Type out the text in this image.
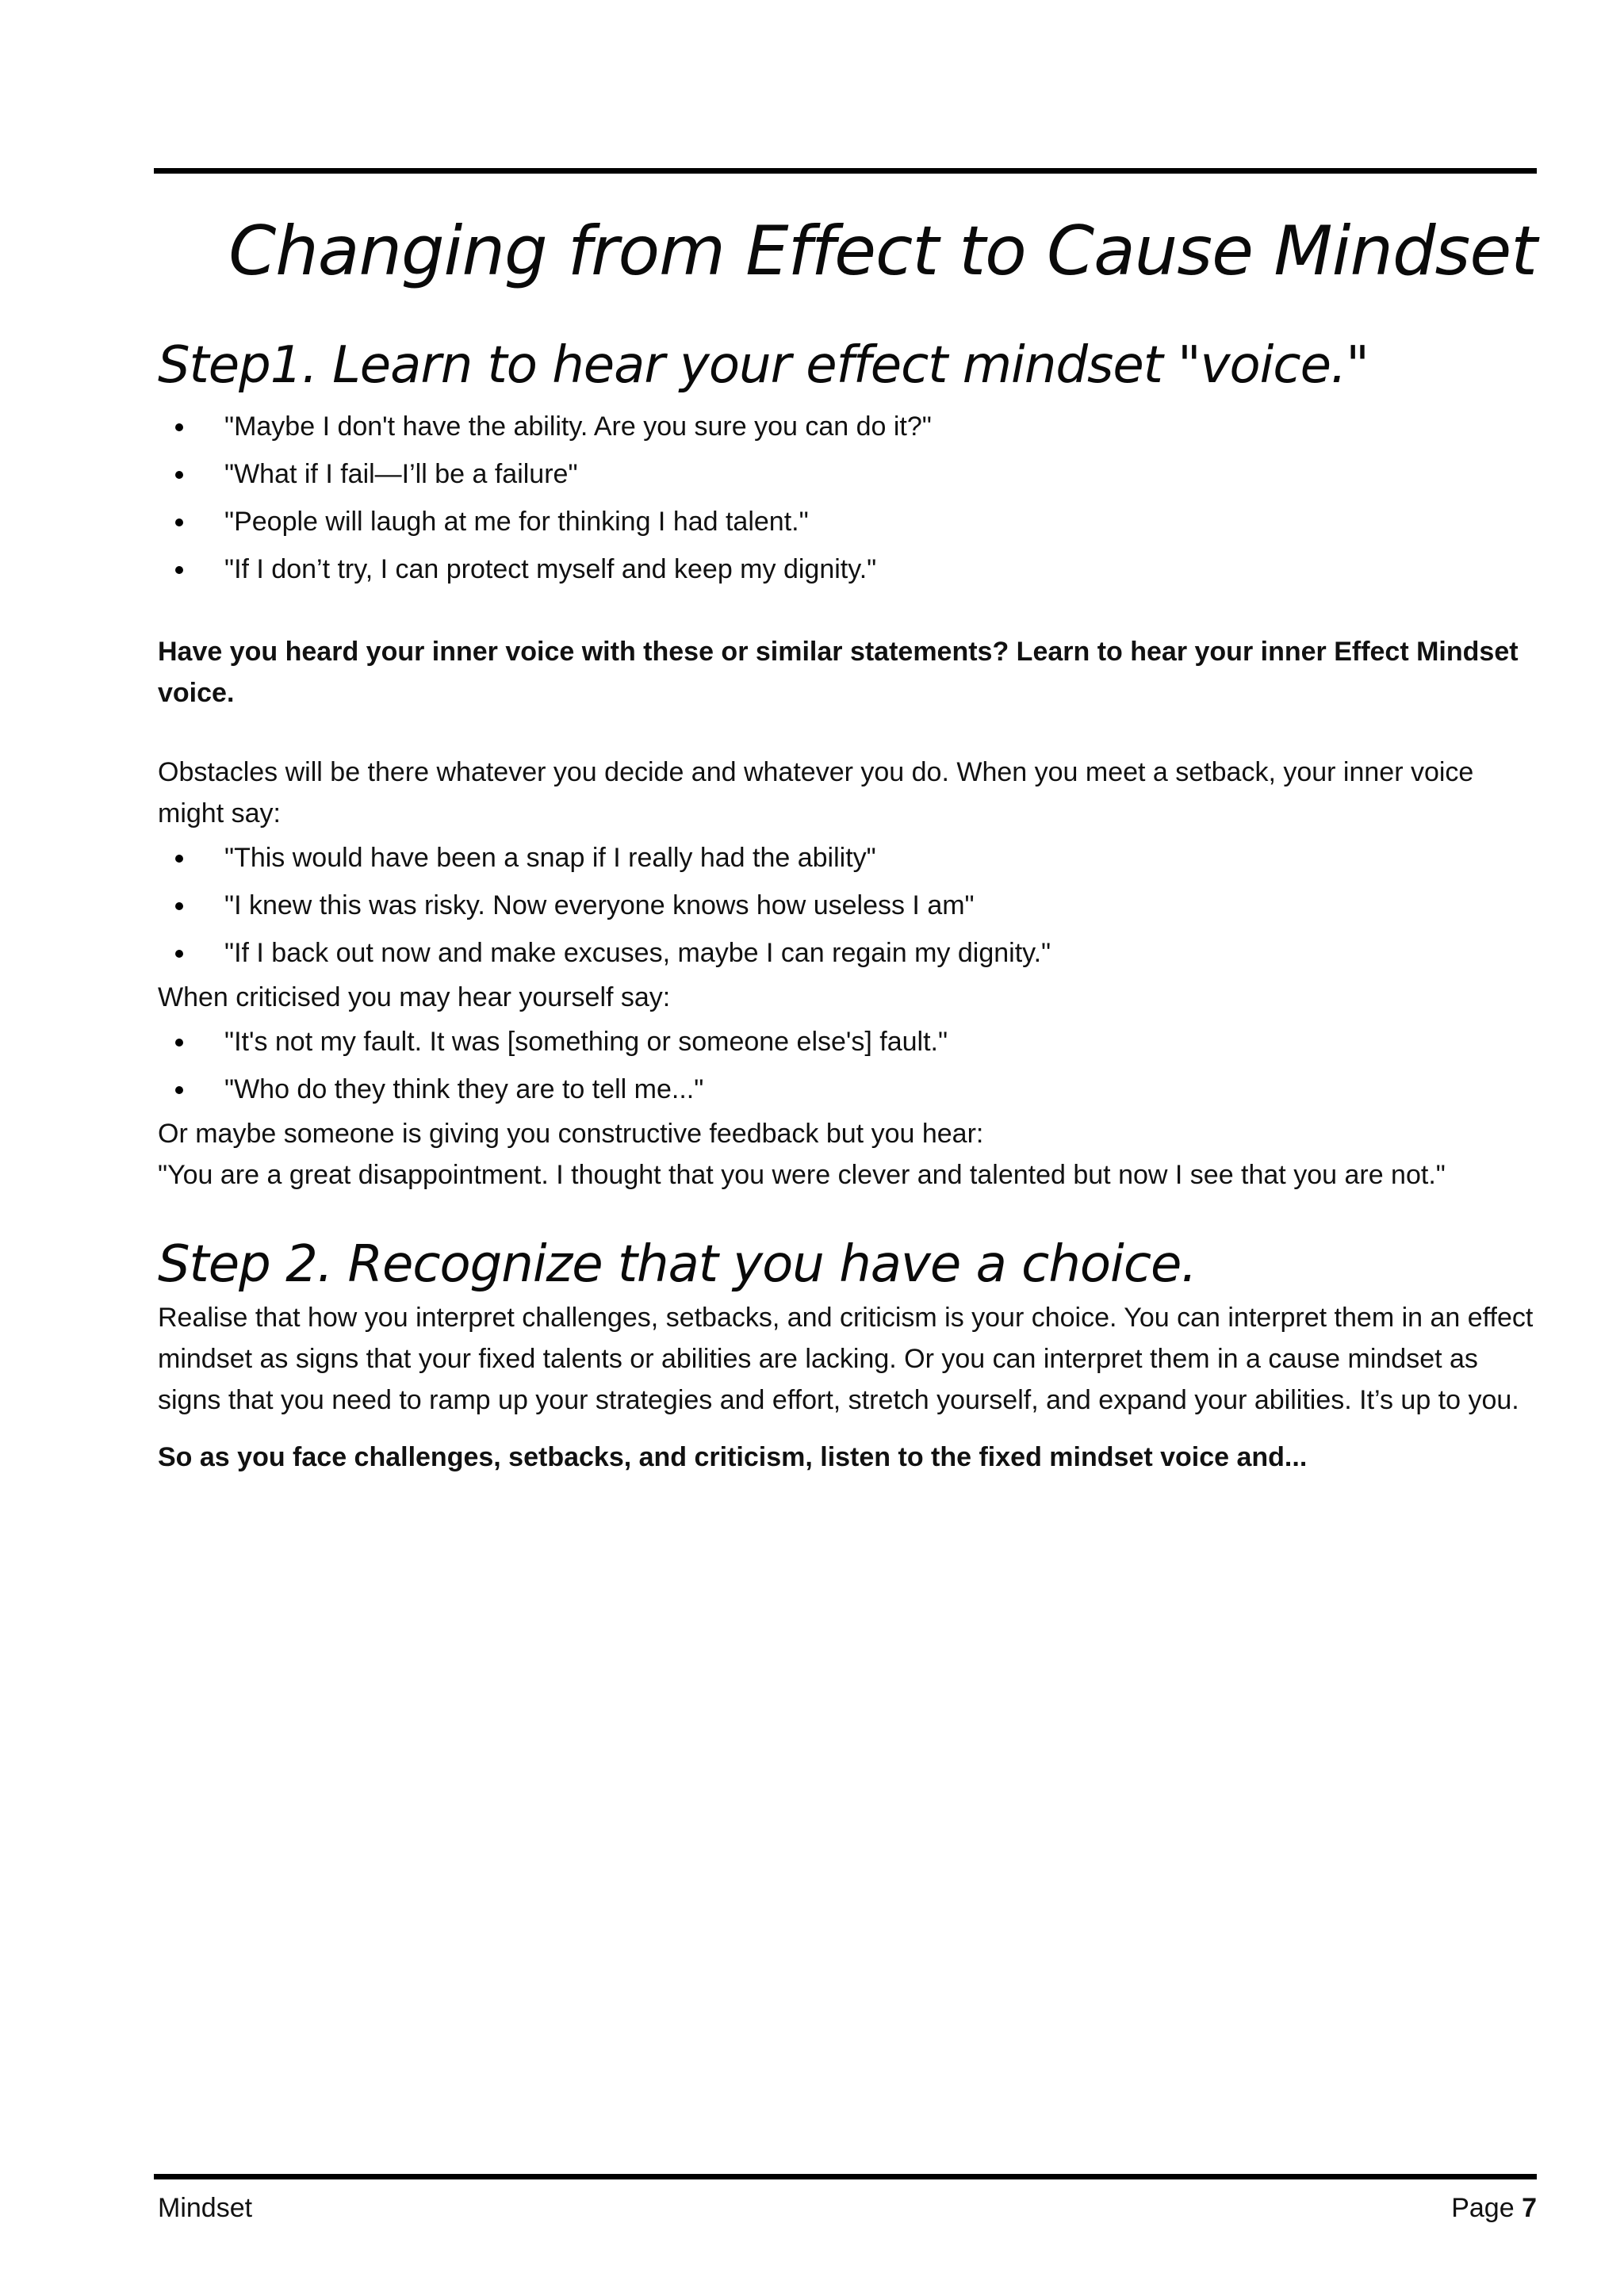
Changing from Effect to Cause Mindset
Step1. Learn to hear your effect mindset "voice."
"Maybe I don't have the ability. Are you sure you can do it?"
"What if I fail—I’ll be a failure"
"People will laugh at me for thinking I had talent."
"If I don’t try, I can protect myself and keep my dignity."

Have you heard your inner voice with these or similar statements? Learn to hear your inner Effect Mindset voice.

Obstacles will be there whatever you decide and whatever you do. When you meet a setback, your inner voice might say:

"This would have been a snap if I really had the ability"
"I knew this was risky. Now everyone knows how useless I am"
"If I back out now and make excuses, maybe I can regain my dignity."

When criticised you may hear yourself say:

"It's not my fault. It was [something or someone else's] fault."
"Who do they think they are to tell me..."

Or maybe someone is giving you constructive feedback but you hear:

"You are a great disappointment. I thought that you were clever and talented but now I see that you are not."

Step 2. Recognize that you have a choice.

Realise that how you interpret challenges, setbacks, and criticism is your choice. You can interpret them in an effect mindset as signs that your fixed talents or abilities are lacking. Or you can interpret them in a cause mindset as signs that you need to ramp up your strategies and effort, stretch yourself, and expand your abilities. It’s up to you.

So as you face challenges, setbacks, and criticism, listen to the fixed mindset voice and...

Mindset	Page 7
